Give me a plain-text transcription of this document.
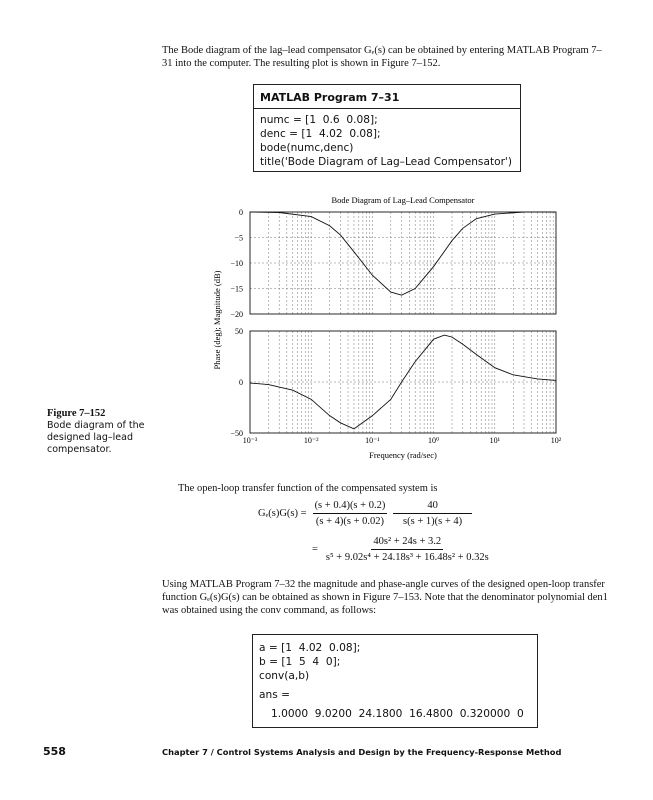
The Bode diagram of the lag–lead compensator Gₑ(s) can be obtained by entering MATLAB Program 7–31 into the computer. The resulting plot is shown in Figure 7–152.
MATLAB Program 7–31
numc = [1  0.6  0.08];
denc = [1  4.02  0.08];
bode(numc,denc)
title('Bode Diagram of Lag–Lead Compensator')
Bode Diagram of Lag–Lead Compensator
Phase (deg); Magnitude (dB)
Frequency (rad/sec)
0
−5
−10
−15
−20
50
0
−50
10⁻³	10⁻²	10⁻¹	10⁰	10¹	10²
Figure 7–152
Bode diagram of the designed lag–lead compensator.
The open-loop transfer function of the compensated system is
$G_e(s)G(s) = \frac{(s + 0.4)(s + 0.2)}{(s + 4)(s + 0.02)} \frac{40}{s(s + 1)(s + 4)}$
= $\frac{\text{40s² + 24s + 3.2}}{\text{s⁵ + 9.02s⁴ + 24.18s³ + 16.48s² + 0.32s}}$
Using MATLAB Program 7–32 the magnitude and phase-angle curves of the designed open-loop transfer function Gₑ(s)G(s) can be obtained as shown in Figure 7–153. Note that the denominator polynomial den1 was obtained using the conv command, as follows:
a = [1  4.02  0.08];
b = [1  5  4  0];
conv(a,b)
ans =
1.0000  9.0200  24.1800  16.4800  0.320000  0
558	Chapter 7 / Control Systems Analysis and Design by the Frequency-Response Method
